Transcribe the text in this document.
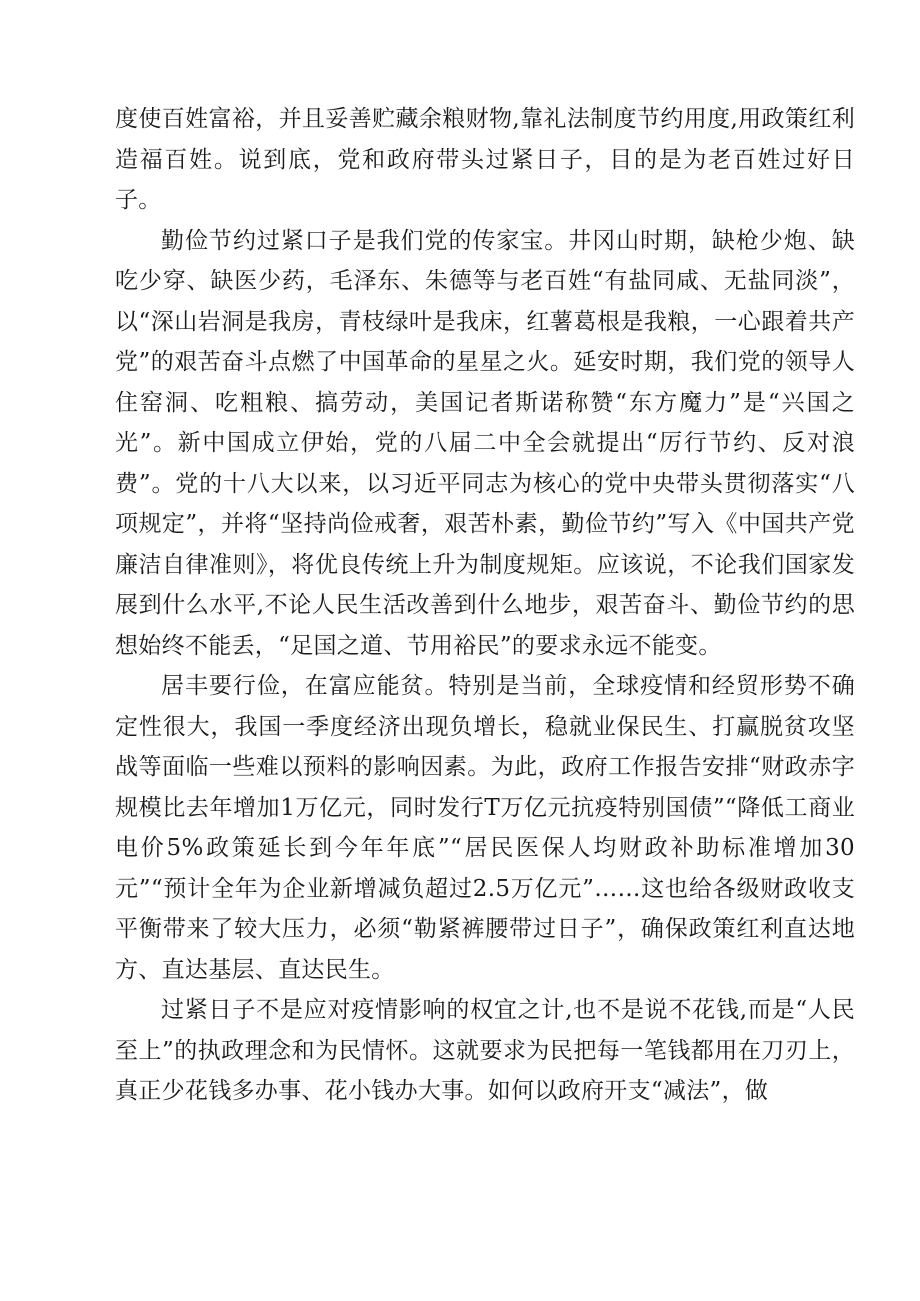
度使百姓富裕，并且妥善贮藏余粮财物,靠礼法制度节约用度,用政策红利造福百姓。说到底，党和政府带头过紧日子，目的是为老百姓过好日子。

勤俭节约过紧口子是我们党的传家宝。井冈山时期，缺枪少炮、缺吃少穿、缺医少药，毛泽东、朱德等与老百姓“有盐同咸、无盐同淡”，以“深山岩洞是我房，青枝绿叶是我床，红薯葛根是我粮，一心跟着共产党”的艰苦奋斗点燃了中国革命的星星之火。延安时期，我们党的领导人住窑洞、吃粗粮、搞劳动，美国记者斯诺称赞“东方魔力”是“兴国之光”。新中国成立伊始，党的八届二中全会就提出“厉行节约、反对浪费”。党的十八大以来，以习近平同志为核心的党中央带头贯彻落实“八项规定”，并将“坚持尚俭戒奢，艰苦朴素，勤俭节约”写入《中国共产党廉洁自律准则》，将优良传统上升为制度规矩。应该说，不论我们国家发展到什么水平,不论人民生活改善到什么地步，艰苦奋斗、勤俭节约的思想始终不能丢，“足国之道、节用裕民”的要求永远不能变。

居丰要行俭，在富应能贫。特别是当前，全球疫情和经贸形势不确定性很大，我国一季度经济出现负增长，稳就业保民生、打赢脱贫攻坚战等面临一些难以预料的影响因素。为此，政府工作报告安排“财政赤字规模比去年增加1万亿元，同时发行T万亿元抗疫特别国债”“降低工商业电价5%政策延长到今年年底”“居民医保人均财政补助标准增加30元”“预计全年为企业新增减负超过2.5万亿元”……这也给各级财政收支平衡带来了较大压力，必须“勒紧裤腰带过日子”，确保政策红利直达地方、直达基层、直达民生。

过紧日子不是应对疫情影响的权宜之计,也不是说不花钱,而是“人民至上”的执政理念和为民情怀。这就要求为民把每一笔钱都用在刀刃上，真正少花钱多办事、花小钱办大事。如何以政府开支“减法”，做
